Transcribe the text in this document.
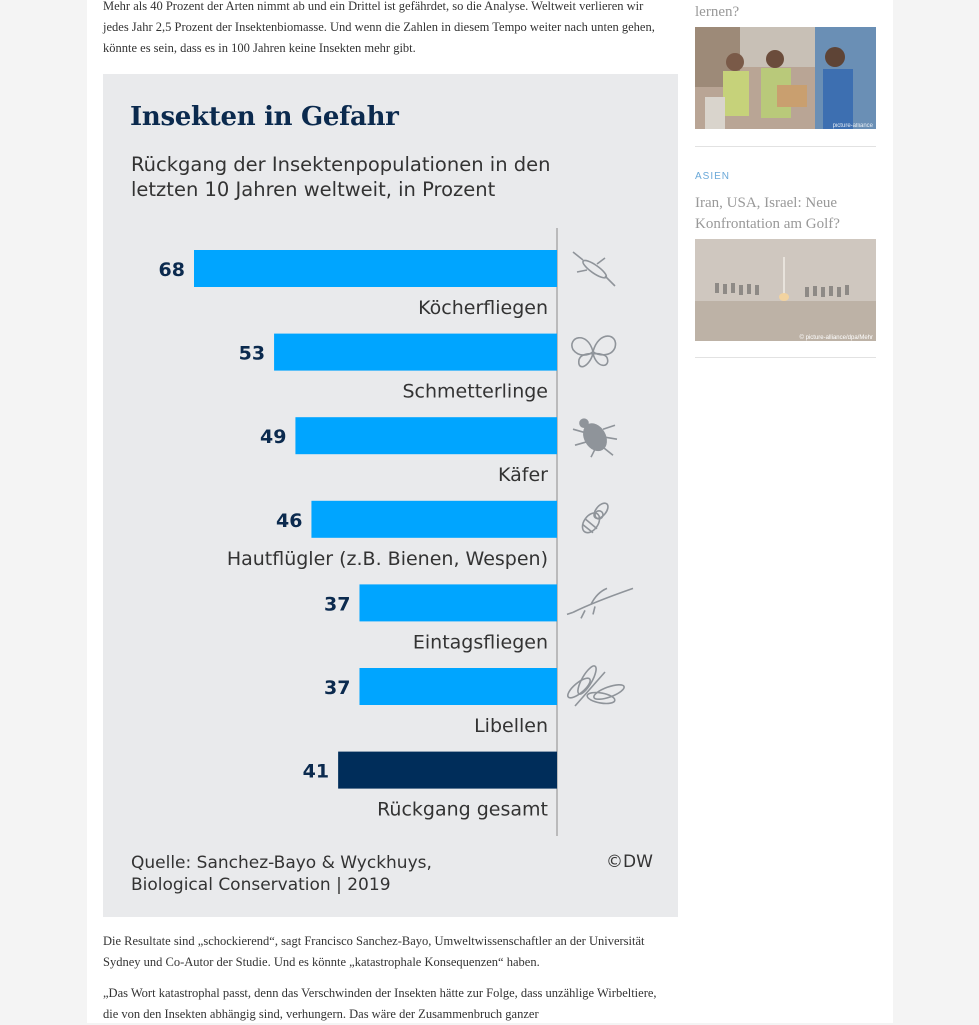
Mehr als 40 Prozent der Arten nimmt ab und ein Drittel ist gefährdet, so die Analyse. Weltweit verlieren wir jedes Jahr 2,5 Prozent der Insektenbiomasse. Und wenn die Zahlen in diesem Tempo weiter nach unten gehen, könnte es sein, dass es in 100 Jahren keine Insekten mehr gibt.

Insekten in Gefahr
Rückgang der Insektenpopulationen in den letzten 10 Jahren weltweit, in Prozent
68
Köcherfliegen
53
Schmetterlinge
49
Käfer
46
Hautflügler (z.B. Bienen, Wespen)
37
Eintagsfliegen
37
Libellen
41
Rückgang gesamt
Quelle: Sanchez-Bayo & Wyckhuys, Biological Conservation | 2019
©DW

Die Resultate sind „schockierend“, sagt Francisco Sanchez-Bayo, Umweltwissenschaftler an der Universität Sydney und Co-Autor der Studie. Und es könnte „katastrophale Konsequenzen“ haben.

„Das Wort katastrophal passt, denn das Verschwinden der Insekten hätte zur Folge, dass unzählige Wirbeltiere, die von den Insekten abhängig sind, verhungern. Das wäre der Zusammenbruch ganzer

lernen?

picture-alliance
ASIEN

Iran, USA, Israel: Neue Konfrontation am Golf?

© picture-alliance/dpa/Mehr
